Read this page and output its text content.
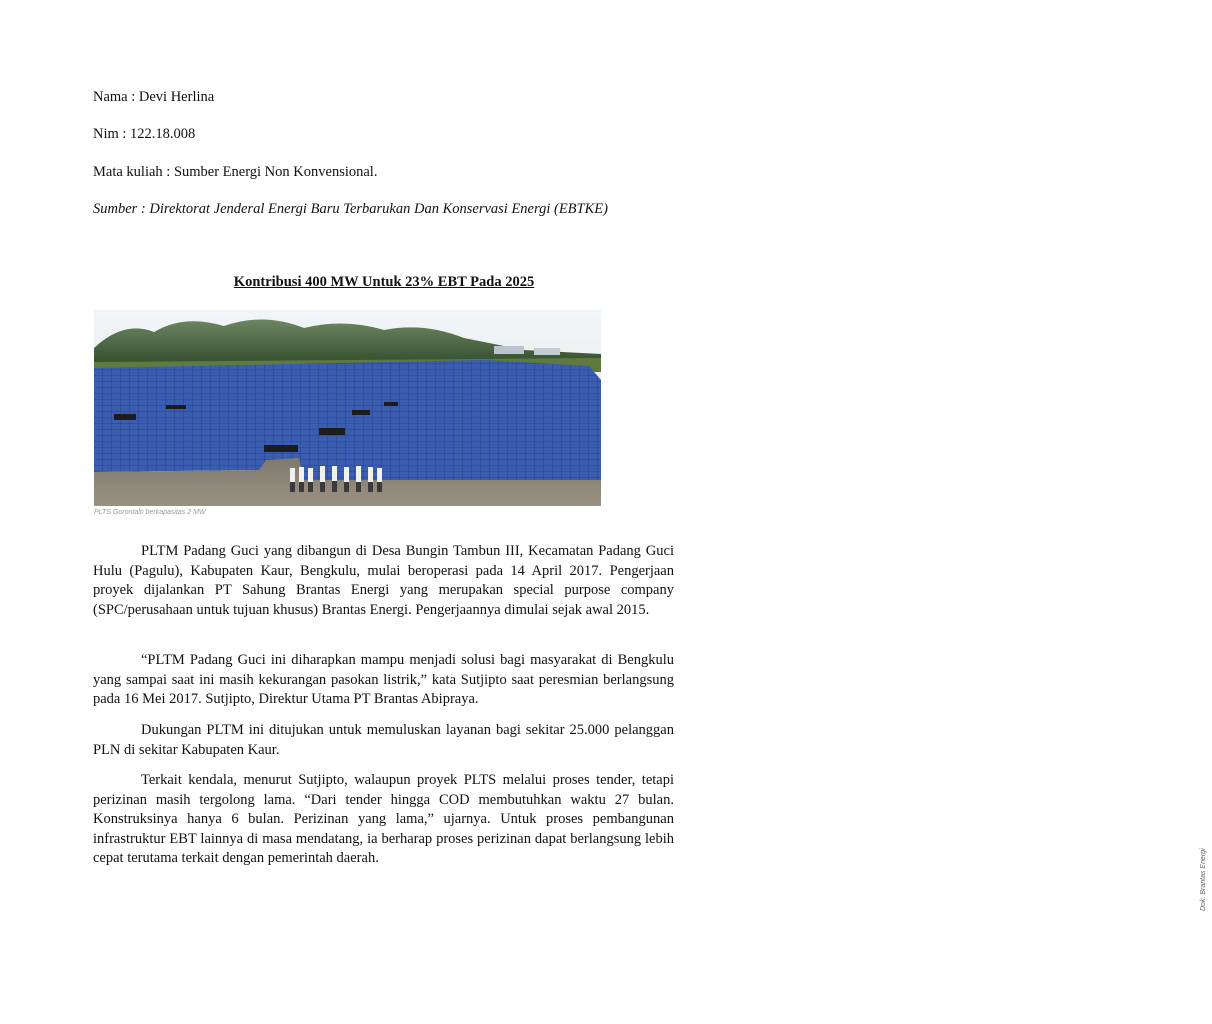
Nama : Devi Herlina

Nim : 122.18.008

Mata kuliah : Sumber Energi Non Konvensional.

Sumber : Direktorat Jenderal Energi Baru Terbarukan Dan Konservasi Energi (EBTKE)

Kontribusi 400 MW Untuk 23% EBT Pada 2025
Dok. Brantas Energi

PLTS Gorontalo berkapasitas 2 MW

PLTM Padang Guci yang dibangun di Desa Bungin Tambun III, Kecamatan Padang Guci Hulu (Pagulu), Kabupaten Kaur, Bengkulu, mulai beroperasi pada 14 April 2017. Pengerjaan proyek dijalankan PT Sahung Brantas Energi yang merupakan special purpose company (SPC/perusahaan untuk tujuan khusus) Brantas Energi. Pengerjaannya dimulai sejak awal 2015.

“PLTM Padang Guci ini diharapkan mampu menjadi solusi bagi masyarakat di Bengkulu yang sampai saat ini masih kekurangan pasokan listrik,” kata Sutjipto saat peresmian berlangsung pada 16 Mei 2017. Sutjipto, Direktur Utama PT Brantas Abipraya.

Dukungan PLTM ini ditujukan untuk memuluskan layanan bagi sekitar 25.000 pelanggan PLN di sekitar Kabupaten Kaur.

Terkait kendala, menurut Sutjipto, walaupun proyek PLTS melalui proses tender, tetapi perizinan masih tergolong lama. “Dari tender hingga COD membutuhkan waktu 27 bulan. Konstruksinya hanya 6 bulan. Perizinan yang lama,” ujarnya. Untuk proses pembangunan infrastruktur EBT lainnya di masa mendatang, ia berharap proses perizinan dapat berlangsung lebih cepat terutama terkait dengan pemerintah daerah.
